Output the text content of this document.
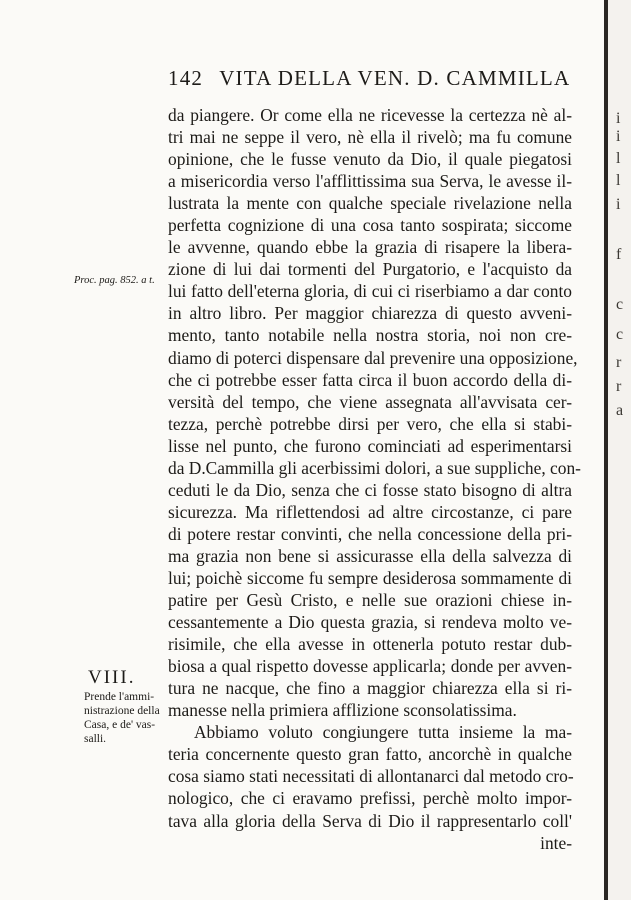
142 VITA DELLA VEN. D. CAMMILLA
da piangere. Or come ella ne ricevesse la certezza nè al-
tri mai ne seppe il vero, nè ella il rivelò; ma fu comune
opinione, che le fusse venuto da Dio, il quale piegatosi
a misericordia verso l'afflittissima sua Serva, le avesse il-
lustrata la mente con qualche speciale rivelazione nella
perfetta cognizione di una cosa tanto sospirata; siccome
le avvenne, quando ebbe la grazia di risapere la libera-
zione di lui dai tormenti del Purgatorio, e l'acquisto da
lui fatto dell'eterna gloria, di cui ci riserbiamo a dar conto
in altro libro. Per maggior chiarezza di questo avveni-
mento, tanto notabile nella nostra storia, noi non cre-
diamo di poterci dispensare dal prevenire una opposizione,
che ci potrebbe esser fatta circa il buon accordo della di-
versità del tempo, che viene assegnata all'avvisata cer-
tezza, perchè potrebbe dirsi per vero, che ella si stabi-
lisse nel punto, che furono cominciati ad esperimentarsi
da D.Cammilla gli acerbissimi dolori, a sue suppliche, con-
ceduti le da Dio, senza che ci fosse stato bisogno di altra
sicurezza. Ma riflettendosi ad altre circostanze, ci pare
di potere restar convinti, che nella concessione della pri-
ma grazia non bene si assicurasse ella della salvezza di
lui; poichè siccome fu sempre desiderosa sommamente di
patire per Gesù Cristo, e nelle sue orazioni chiese in-
cessantemente a Dio questa grazia, si rendeva molto ve-
risimile, che ella avesse in ottenerla potuto restar dub-
biosa a qual rispetto dovesse applicarla; donde per avven-
tura ne nacque, che fino a maggior chiarezza ella si ri-
manesse nella primiera afflizione sconsolatissima.
Abbiamo voluto congiungere tutta insieme la ma-
teria concernente questo gran fatto, ancorchè in qualche
cosa siamo stati necessitati di allontanarci dal metodo cro-
nologico, che ci eravamo prefissi, perchè molto impor-
tava alla gloria della Serva di Dio il rappresentarlo coll'
inte-
Proc. pag. 852. a t.
VIII.
Prende l'ammi-
nistrazione della
Casa, e de' vas-
salli.
i
i
l
l
i
f
c
c
r
r
a
